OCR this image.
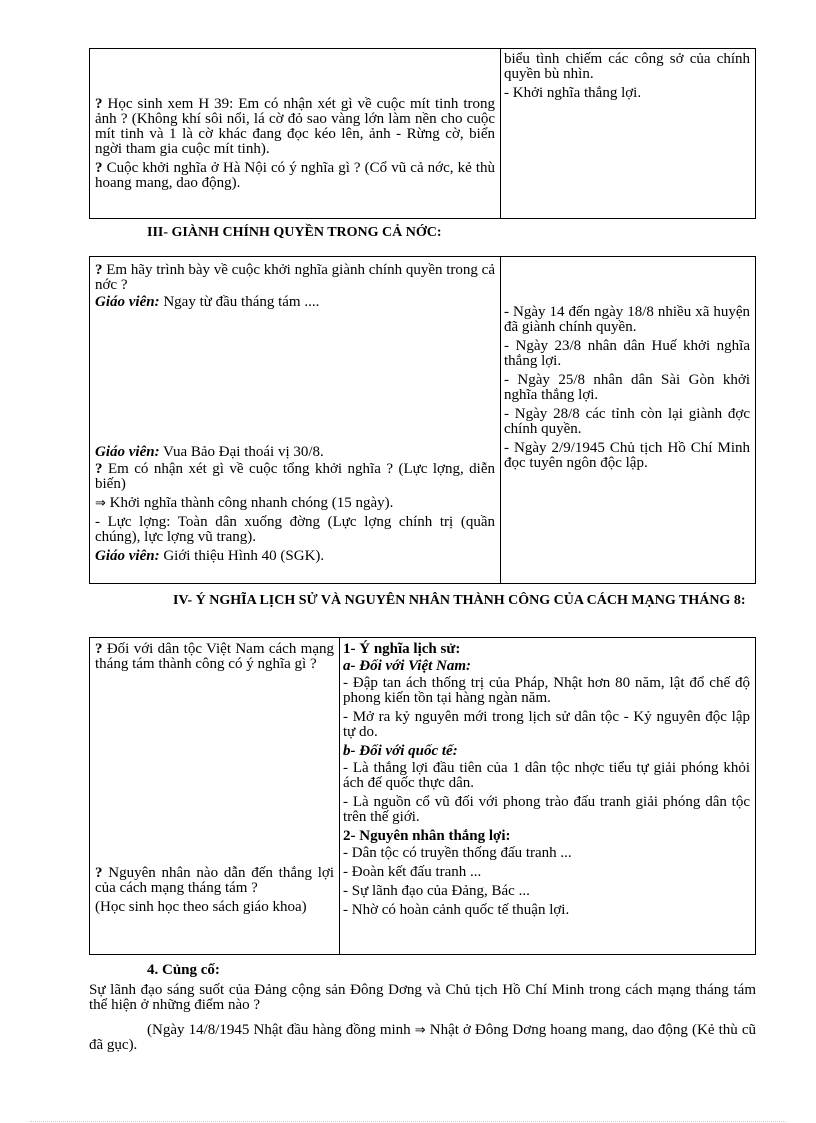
? Học sinh xem H 39: Em có nhận xét gì về cuộc mít tinh trong ảnh ? (Không khí sôi nổi, lá cờ đỏ sao vàng lớn làm nền cho cuộc mít tinh và 1 là cờ khác đang đọc kéo lên, ảnh - Rừng cờ, biển ngời tham gia cuộc mít tinh).

? Cuộc khởi nghĩa ở Hà Nội có ý nghĩa gì ? (Cổ vũ cả nớc, kẻ thù hoang mang, dao động).

biểu tình chiếm các công sở của chính quyền bù nhìn.

- Khởi nghĩa thắng lợi.

III- GIÀNH CHÍNH QUYỀN TRONG CẢ NỚC:

? Em hãy trình bày về cuộc khởi nghĩa giành chính quyền trong cả nớc ?

Giáo viên: Ngay từ đầu tháng tám ....

Giáo viên: Vua Bảo Đại thoái vị 30/8.

? Em có nhận xét gì về cuộc tổng khởi nghĩa ? (Lực lợng, diễn biến)

⇒ Khởi nghĩa thành công nhanh chóng (15 ngày).

- Lực lợng: Toàn dân xuống đờng (Lực lợng chính trị (quần chúng), lực lợng vũ trang).

Giáo viên: Giới thiệu Hình 40 (SGK).

- Ngày 14 đến ngày 18/8 nhiều xã huyện đã giành chính quyền.

- Ngày 23/8 nhân dân Huế khởi nghĩa thắng lợi.

- Ngày 25/8 nhân dân Sài Gòn khởi nghĩa thắng lợi.

- Ngày 28/8 các tỉnh còn lại giành đợc chính quyền.

- Ngày 2/9/1945 Chủ tịch Hồ Chí Minh đọc tuyên ngôn độc lập.

IV- Ý NGHĨA LỊCH SỬ VÀ NGUYÊN NHÂN THÀNH CÔNG CỦA CÁCH MẠNG THÁNG 8:

? Đối với dân tộc Việt Nam cách mạng tháng tám thành công có ý nghĩa gì ?

? Nguyên nhân nào dẫn đến thắng lợi của cách mạng tháng tám ?

(Học sinh học theo sách giáo khoa)

1- Ý nghĩa lịch sử:

a- Đối với Việt Nam:

- Đập tan ách thống trị của Pháp, Nhật hơn 80 năm, lật đổ chế độ phong kiến tồn tại hàng ngàn năm.

- Mở ra kỷ nguyên mới trong lịch sử dân tộc - Kỷ nguyên độc lập tự do.

b- Đối với quốc tế:

- Là thắng lợi đầu tiên của 1 dân tộc nhợc tiểu tự giải phóng khỏi ách đế quốc thực dân.

- Là nguồn cổ vũ đối với phong trào đấu tranh giải phóng dân tộc trên thế giới.

2- Nguyên nhân thắng lợi:

- Dân tộc có truyền thống đấu tranh ...

- Đoàn kết đấu tranh ...

- Sự lãnh đạo của Đảng, Bác ...

- Nhờ có hoàn cảnh quốc tế thuận lợi.

4. Củng cố:

Sự lãnh đạo sáng suốt của Đảng cộng sản Đông Dơng và Chủ tịch Hồ Chí Minh trong cách mạng tháng tám thể hiện ở những điểm nào ?

(Ngày 14/8/1945 Nhật đầu hàng đồng minh ⇒ Nhật ở Đông Dơng hoang mang, dao động (Kẻ thù cũ đã gục).
